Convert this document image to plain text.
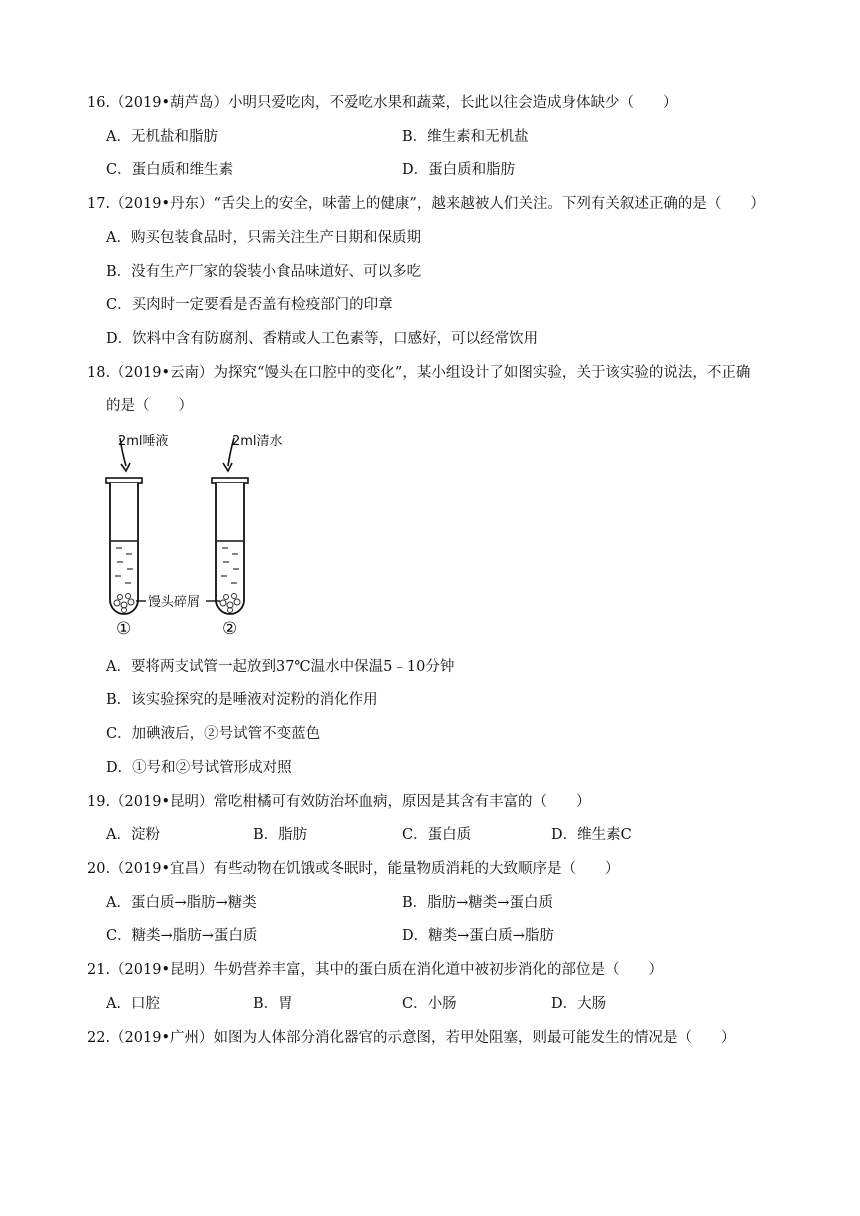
16.（2019•葫芦岛）小明只爱吃肉，不爱吃水果和蔬菜，长此以往会造成身体缺少（　　）
A．无机盐和脂肪	B．维生素和无机盐
C．蛋白质和维生素	D．蛋白质和脂肪
17.（2019•丹东）“舌尖上的安全，味蕾上的健康”，越来越被人们关注。下列有关叙述正确的是（　　）
A．购买包装食品时，只需关注生产日期和保质期
B．没有生产厂家的袋装小食品味道好、可以多吃
C．买肉时一定要看是否盖有检疫部门的印章
D．饮料中含有防腐剂、香精或人工色素等，口感好，可以经常饮用
18.（2019•云南）为探究“馒头在口腔中的变化”，某小组设计了如图实验，关于该实验的说法，不正确
的是（　　）
2ml唾液	2ml清水
馒头碎屑
①	②
A．要将两支试管一起放到37℃温水中保温5﹣10分钟
B．该实验探究的是唾液对淀粉的消化作用
C．加碘液后，②号试管不变蓝色
D．①号和②号试管形成对照
19.（2019•昆明）常吃柑橘可有效防治坏血病，原因是其含有丰富的（　　）
A．淀粉	B．脂肪	C．蛋白质	D．维生素C
20.（2019•宜昌）有些动物在饥饿或冬眠时，能量物质消耗的大致顺序是（　　）
A．蛋白质→脂肪→糖类	B．脂肪→糖类→蛋白质
C．糖类→脂肪→蛋白质	D．糖类→蛋白质→脂肪
21.（2019•昆明）牛奶营养丰富，其中的蛋白质在消化道中被初步消化的部位是（　　）
A．口腔	B．胃	C．小肠	D．大肠
22.（2019•广州）如图为人体部分消化器官的示意图，若甲处阻塞，则最可能发生的情况是（　　）
